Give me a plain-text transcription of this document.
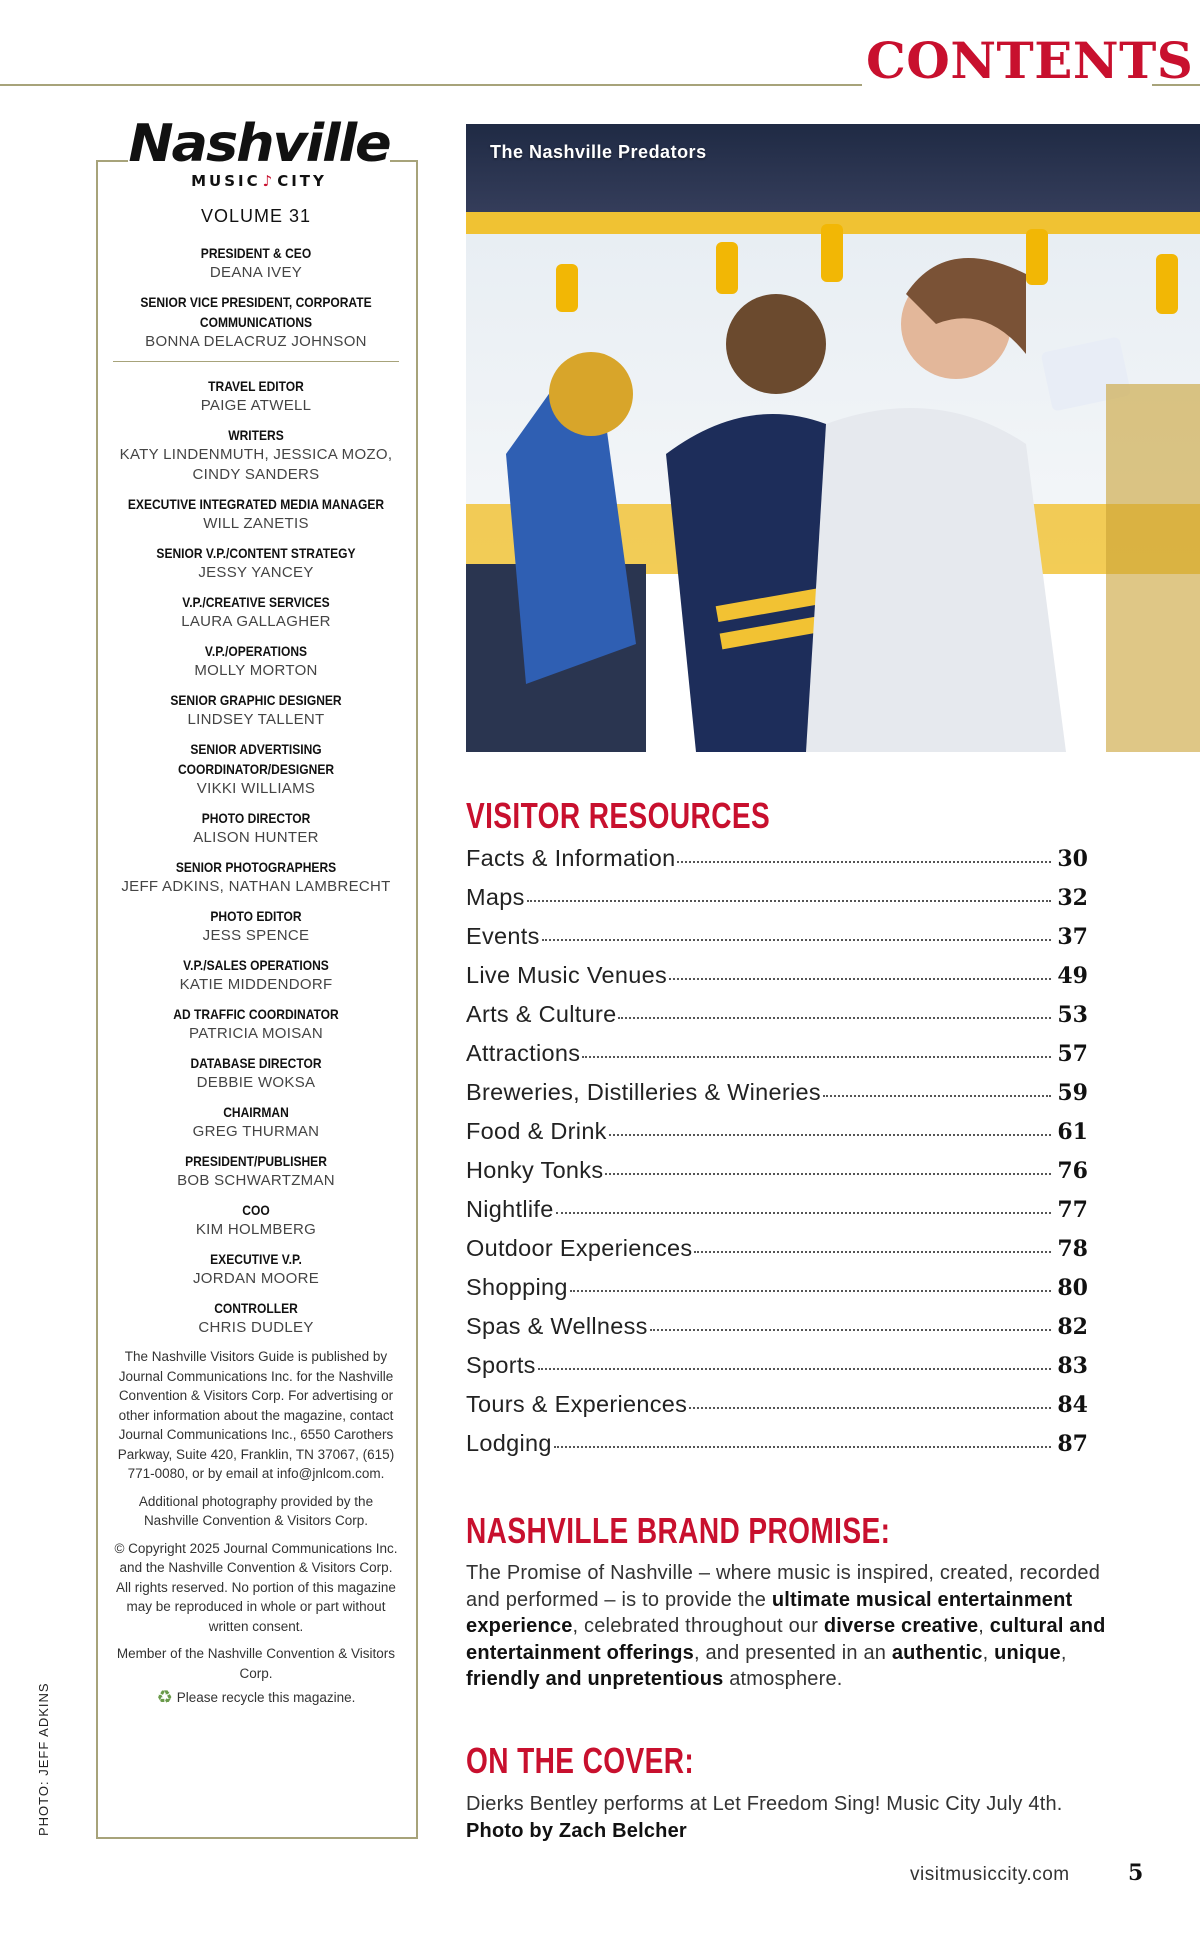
CONTENTS
Nashville
MUSIC ♪ CITY
VOLUME 31
PRESIDENT & CEO
DEANA IVEY
SENIOR VICE PRESIDENT, CORPORATE COMMUNICATIONS
BONNA DELACRUZ JOHNSON
TRAVEL EDITOR
PAIGE ATWELL
WRITERS
KATY LINDENMUTH, JESSICA MOZO, CINDY SANDERS
EXECUTIVE INTEGRATED MEDIA MANAGER
WILL ZANETIS
SENIOR V.P./CONTENT STRATEGY
JESSY YANCEY
V.P./CREATIVE SERVICES
LAURA GALLAGHER
V.P./OPERATIONS
MOLLY MORTON
SENIOR GRAPHIC DESIGNER
LINDSEY TALLENT
SENIOR ADVERTISING COORDINATOR/DESIGNER
VIKKI WILLIAMS
PHOTO DIRECTOR
ALISON HUNTER
SENIOR PHOTOGRAPHERS
JEFF ADKINS, NATHAN LAMBRECHT
PHOTO EDITOR
JESS SPENCE
V.P./SALES OPERATIONS
KATIE MIDDENDORF
AD TRAFFIC COORDINATOR
PATRICIA MOISAN
DATABASE DIRECTOR
DEBBIE WOKSA
CHAIRMAN
GREG THURMAN
PRESIDENT/PUBLISHER
BOB SCHWARTZMAN
COO
KIM HOLMBERG
EXECUTIVE V.P.
JORDAN MOORE
CONTROLLER
CHRIS DUDLEY
The Nashville Visitors Guide is published by Journal Communications Inc. for the Nashville Convention & Visitors Corp. For advertising or other information about the magazine, contact Journal Communications Inc., 6550 Carothers Parkway, Suite 420, Franklin, TN 37067, (615) 771-0080, or by email at info@jnlcom.com.
Additional photography provided by the Nashville Convention & Visitors Corp.
© Copyright 2025 Journal Communications Inc. and the Nashville Convention & Visitors Corp. All rights reserved. No portion of this magazine may be reproduced in whole or part without written consent.
Member of the Nashville Convention & Visitors Corp.
♻ Please recycle this magazine.
PHOTO: JEFF ADKINS
The Nashville Predators
VISITOR RESOURCES
Facts & Information	30
Maps	32
Events	37
Live Music Venues	49
Arts & Culture	53
Attractions	57
Breweries, Distilleries & Wineries	59
Food & Drink	61
Honky Tonks	76
Nightlife	77
Outdoor Experiences	78
Shopping	80
Spas & Wellness	82
Sports	83
Tours & Experiences	84
Lodging	87
NASHVILLE BRAND PROMISE:
The Promise of Nashville – where music is inspired, created, recorded and performed – is to provide the ultimate musical entertainment experience, celebrated throughout our diverse creative, cultural and entertainment offerings, and presented in an authentic, unique, friendly and unpretentious atmosphere.
ON THE COVER:
Dierks Bentley performs at Let Freedom Sing! Music City July 4th.
Photo by Zach Belcher
visitmusiccity.com	5
